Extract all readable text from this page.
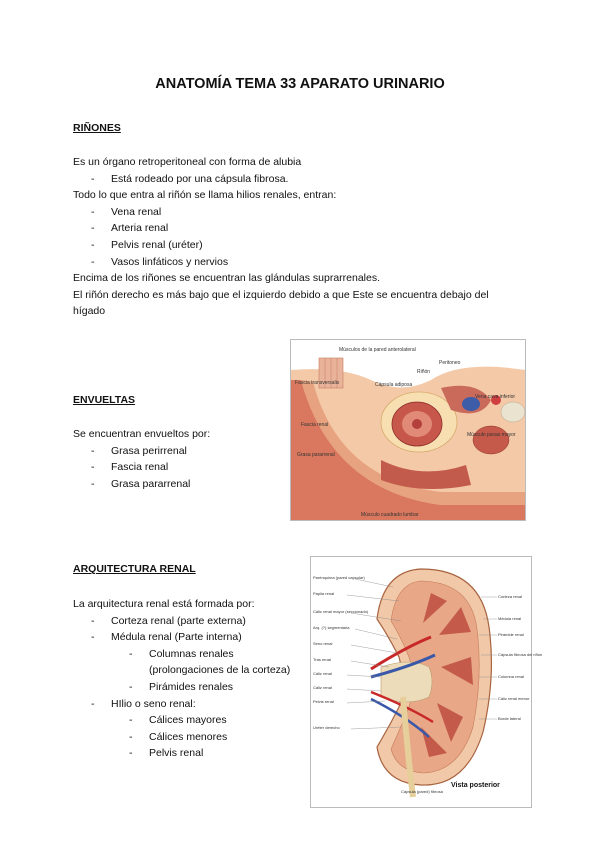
ANATOMÍA TEMA 33 APARATO URINARIO
RIÑONES
Es un órgano retroperitoneal con forma de alubia
- Está rodeado por una cápsula fibrosa.
Todo lo que entra al riñón se llama hilios renales, entran:
- Vena renal
- Arteria renal
- Pelvis renal (uréter)
- Vasos linfáticos y nervios
Encima de los riñones se encuentran las glándulas suprarrenales.
El riñón derecho es más bajo que el izquierdo debido a que Este se encuentra debajo del
hígado
ENVUELTAS
Se encuentran envueltos por:
- Grasa perirrenal
- Fascia renal
- Grasa pararrenal
ARQUITECTURA RENAL
La arquitectura renal está formada por:
- Corteza renal (parte externa)
- Médula renal (Parte interna)
- Columnas renales
(prolongaciones de la corteza)
- Pirámides renales
- HIlio o seno renal:
- Cálices mayores
- Cálices menores
- Pelvis renal
Músculos de la pared anterolateral
Peritoneo
Fascia transversalis	Cápsula adiposa
Riñón
Vena cava inferior
Fascia renal
Músculo psoas mayor
Grasa pararrenal
Músculo cuadrado lumbar
Parénquima (pared capsular)
Papila renal
Cáliz renal mayor (seccionado)
Arq. (?) segmentaria
Seno renal
Tras renal
Cáliz renal
Cáliz renal
Pelvis renal
Uréter derecho
Corteza renal
Médula renal
Pirámide renal
Cápsula fibrosa del riñón
Columna renal
Cáliz renal menor
Borde lateral
Cápsula (pared) fibrosa
Vista posterior
